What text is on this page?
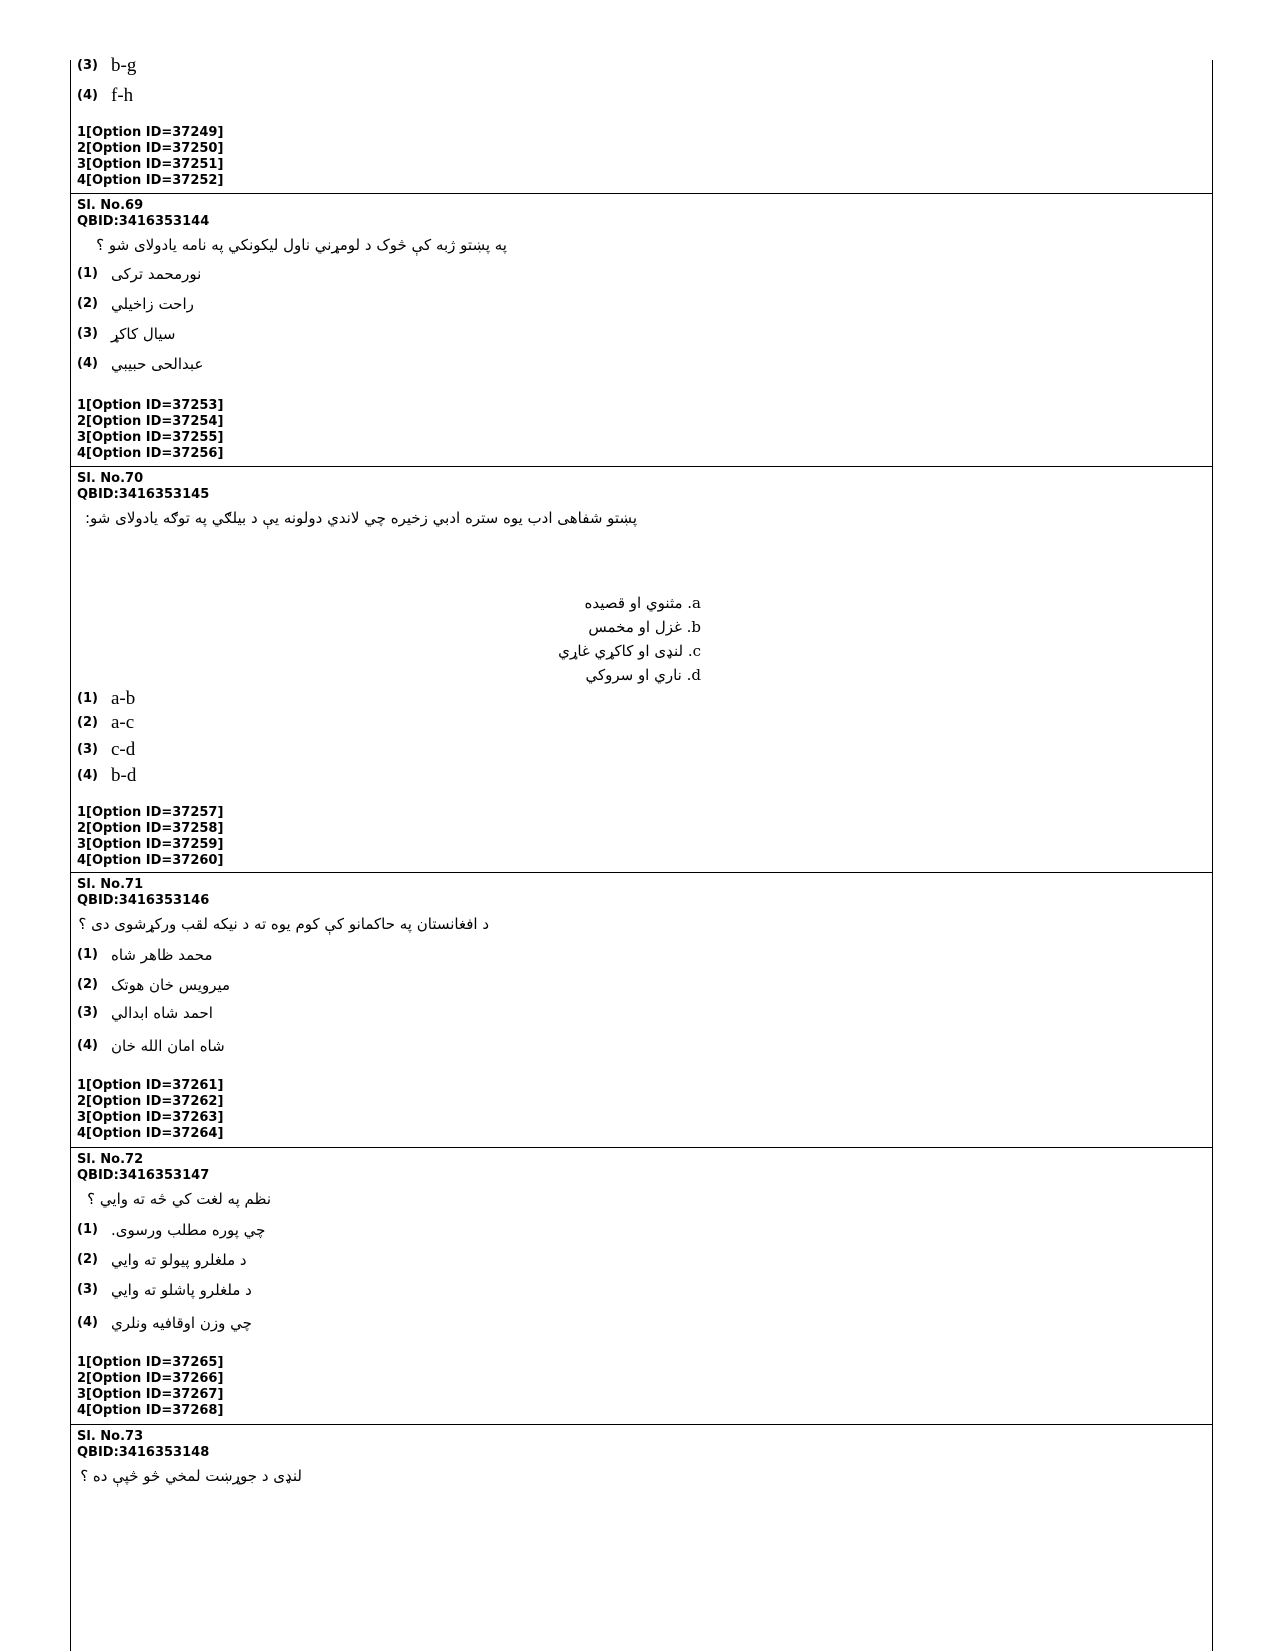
(3) b-g
(4) f-h
1[Option ID=37249]
2[Option ID=37250]
3[Option ID=37251]
4[Option ID=37252]
Sl. No.69
QBID:3416353144
په پښتو ژبه کې څوک د لومړني ناول ليکونکي په نامه يادولای شو ؟
(1) نورمحمد ترکی
(2) راحت زاخيلي
(3) سيال کاکړ
(4) عبدالحی حبيبي
1[Option ID=37253]
2[Option ID=37254]
3[Option ID=37255]
4[Option ID=37256]
Sl. No.70
QBID:3416353145
پښتو شفاهی ادب يوه ستره ادبي زخيره چي لاندي دولونه يې د بيلګي په توګه يادولای شو:
a. مثنوي او قصيده
b. غزل او مخمس
c. لنډی او کاکړي غاړي
d. ناري او سروکي
(1) a-b
(2) a-c
(3) c-d
(4) b-d
1[Option ID=37257]
2[Option ID=37258]
3[Option ID=37259]
4[Option ID=37260]
Sl. No.71
QBID:3416353146
د افغانستان په حاکمانو کې کوم يوه ته د نيکه لقب ورکړشوی دی ؟
(1) محمد ظاهر شاه
(2) ميرويس خان هوتک
(3) احمد شاه ابدالي
(4) شاه امان الله خان
1[Option ID=37261]
2[Option ID=37262]
3[Option ID=37263]
4[Option ID=37264]
Sl. No.72
QBID:3416353147
نظم په لغت کي څه ته وايي ؟
(1) چي پوره مطلب ورسوی.
(2) د ملغلرو پيولو ته وايي
(3) د ملغلرو پاشلو ته وايي
(4) چي وزن اوقافيه ونلري
1[Option ID=37265]
2[Option ID=37266]
3[Option ID=37267]
4[Option ID=37268]
Sl. No.73
QBID:3416353148
لنډی د جوړښت لمخي څو څپې ده ؟
